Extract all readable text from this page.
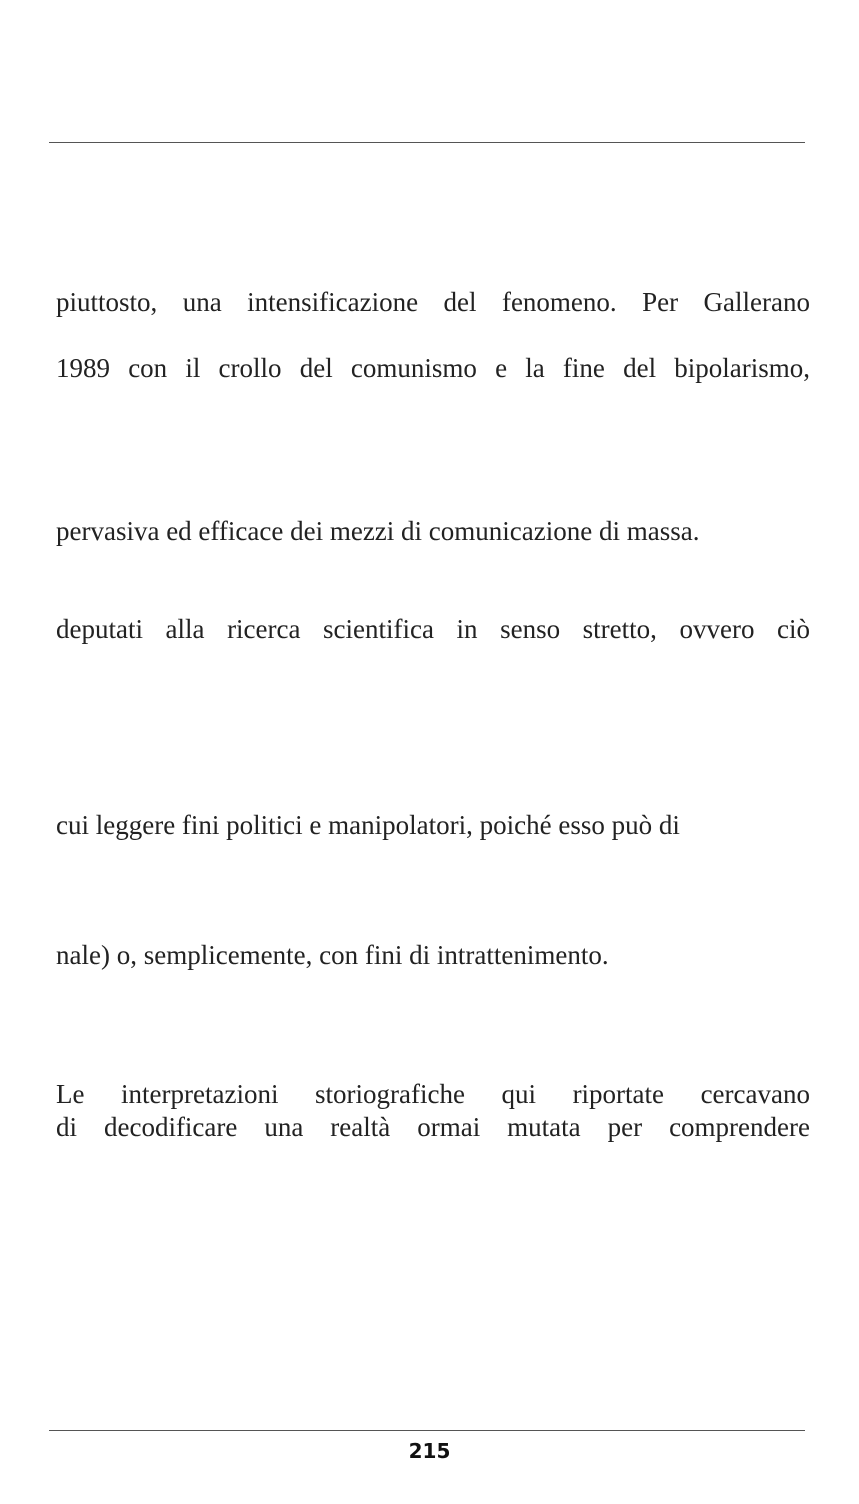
piuttosto, una intensificazione del fenomeno. Per Gallerano
1989 con il crollo del comunismo e la fine del bipolarismo,
pervasiva ed efficace dei mezzi di comunicazione di massa.
deputati alla ricerca scientifica in senso stretto, ovvero ciò
cui leggere fini politici e manipolatori, poiché esso può di
nale) o, semplicemente, con fini di intrattenimento.
Le interpretazioni storiografiche qui riportate cercavano
di decodificare una realtà ormai mutata per comprendere
215
